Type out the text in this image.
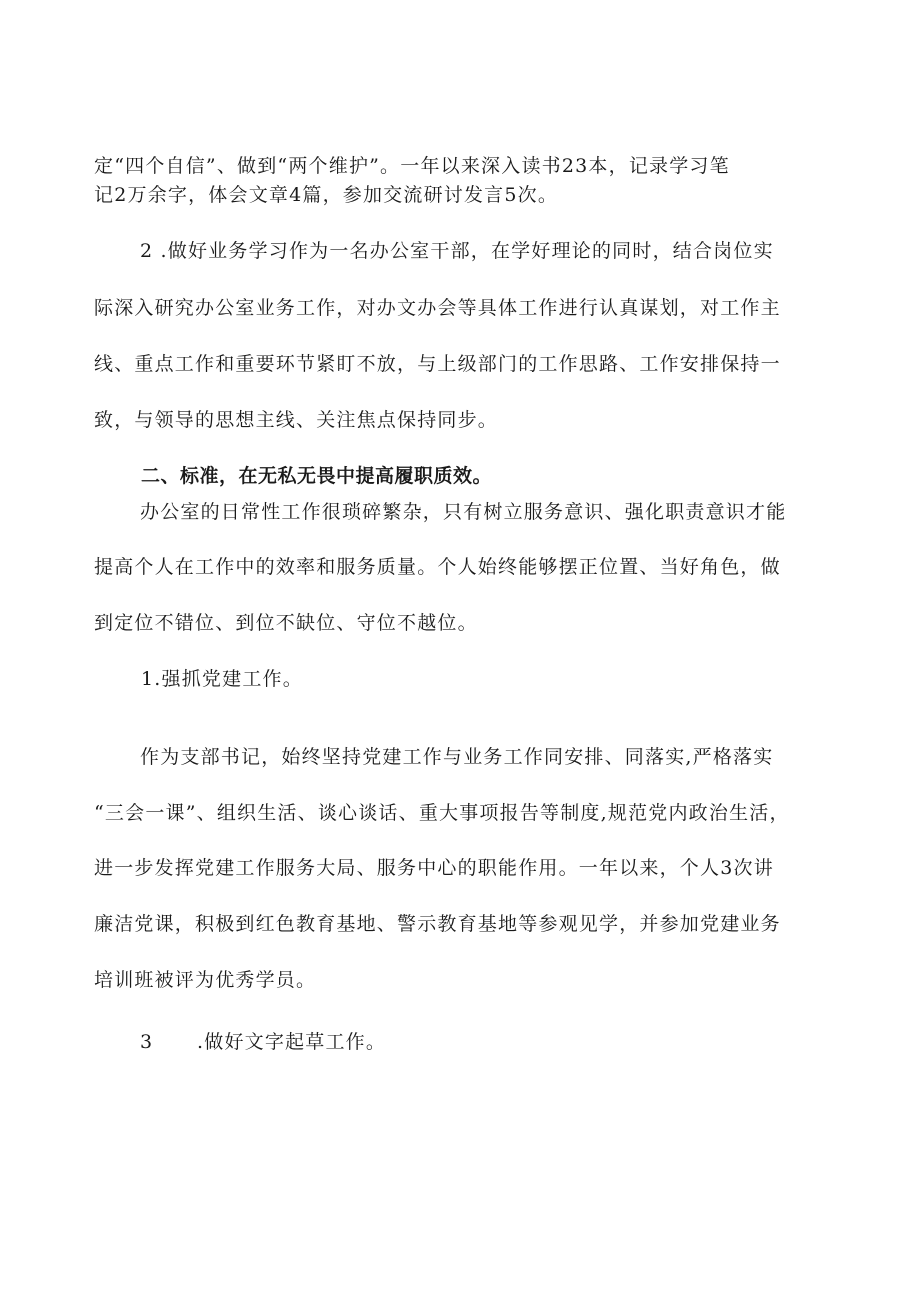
定“四个自信”、做到“两个维护”。一年以来深入读书23本，记录学习笔
记2万余字，体会文章4篇，参加交流研讨发言5次。
2 .做好业务学习作为一名办公室干部，在学好理论的同时，结合岗位实
际深入研究办公室业务工作，对办文办会等具体工作进行认真谋划，对工作主
线、重点工作和重要环节紧盯不放，与上级部门的工作思路、工作安排保持一
致，与领导的思想主线、关注焦点保持同步。
二、标准，在无私无畏中提高履职质效。
办公室的日常性工作很琐碎繁杂，只有树立服务意识、强化职责意识才能
提高个人在工作中的效率和服务质量。个人始终能够摆正位置、当好角色，做
到定位不错位、到位不缺位、守位不越位。
1.强抓党建工作。
作为支部书记，始终坚持党建工作与业务工作同安排、同落实,严格落实
“三会一课”、组织生活、谈心谈话、重大事项报告等制度,规范党内政治生活，
进一步发挥党建工作服务大局、服务中心的职能作用。一年以来，个人3次讲
廉洁党课，积极到红色教育基地、警示教育基地等参观见学，并参加党建业务
培训班被评为优秀学员。
3	.做好文字起草工作。
